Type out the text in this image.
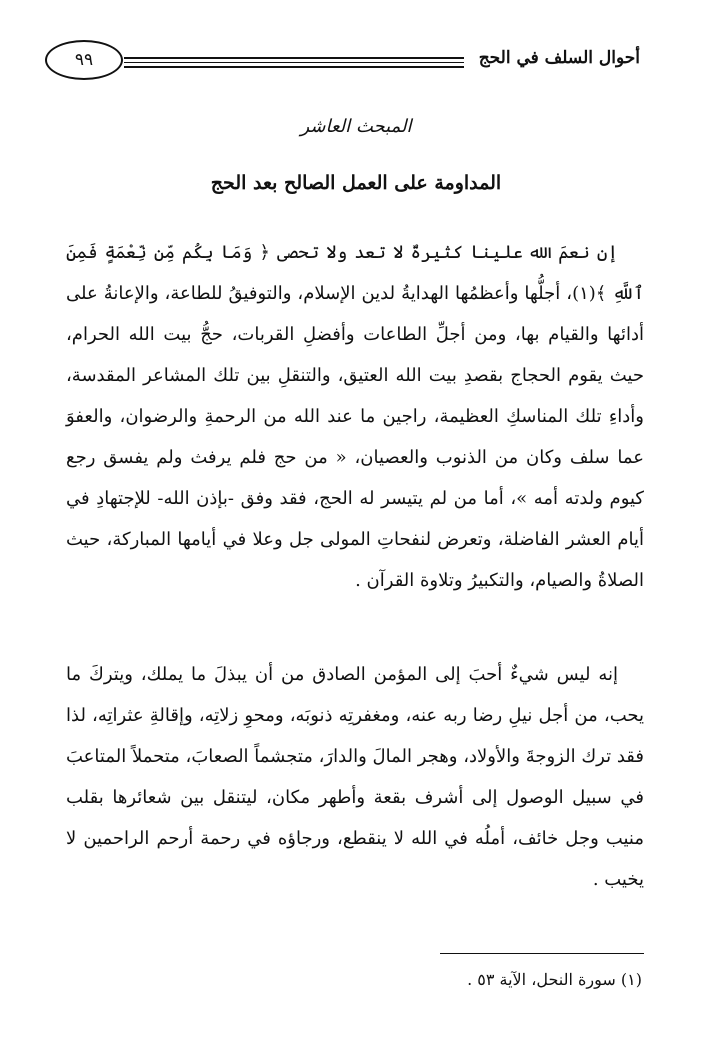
٩٩	أحوال السلف في الحج
المبحث العاشر
المداومة على العمل الصالح بعد الحج
إن نعمَ الله علينا كثيرةٌ لا تعد ولا تحصى ﴿ وَمَا بِكُم مِّن نِّعْمَةٍ فَمِنَ ٱللَّهِ ﴾(١)، أجلُّها وأعظمُها الهدايةُ لدين الإسلام، والتوفيقُ للطاعة، والإعانةُ على أدائها والقيام بها، ومن أجلِّ الطاعات وأفضلِ القربات، حجُّ بيت الله الحرام، حيث يقوم الحجاج بقصدِ بيت الله العتيق، والتنقلِ بين تلك المشاعر المقدسة، وأداءِ تلك المناسكِ العظيمة، راجين ما عند الله من الرحمةِ والرضوان، والعفوَ عما سلف وكان من الذنوب والعصيان، « من حج فلم يرفث ولم يفسق رجع كيوم ولدته أمه »، أما من لم يتيسر له الحج، فقد وفق -بإذن الله- للإجتهادِ في أيام العشر الفاضلة، وتعرض لنفحاتِ المولى جل وعلا في أيامها المباركة، حيث الصلاةُ والصيام، والتكبيرُ وتلاوة القرآن .
إنه ليس شيءٌ أحبَ إلى المؤمن الصادق من أن يبذلَ ما يملك، ويتركَ ما يحب، من أجل نيلِ رضا ربه عنه، ومغفرتِه ذنوبَه، ومحوِ زلاتِه، وإقالةِ عثراتِه، لذا فقد ترك الزوجةَ والأولاد، وهجر المالَ والدارَ، متجشماً الصعابَ، متحملاً المتاعبَ في سبيل الوصول إلى أشرف بقعة وأطهر مكان، ليتنقل بين شعائرها بقلب منيب وجل خائف، أملُه في الله لا ينقطع، ورجاؤه في رحمة أرحم الراحمين لا يخيب .
(١) سورة النحل، الآية ٥٣ .
